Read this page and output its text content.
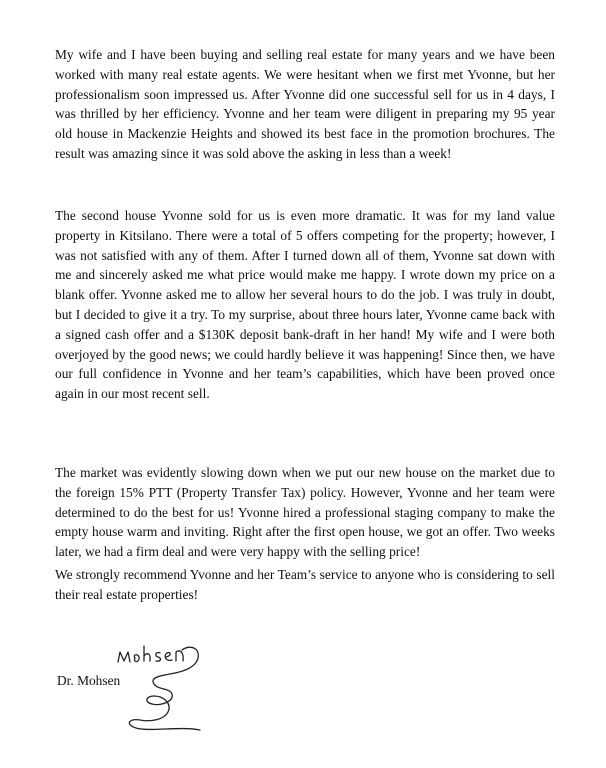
My wife and I have been buying and selling real estate for many years and we have been worked with many real estate agents. We were hesitant when we first met Yvonne, but her professionalism soon impressed us. After Yvonne did one successful sell for us in 4 days, I was thrilled by her efficiency. Yvonne and her team were diligent in preparing my 95 year old house in Mackenzie Heights and showed its best face in the promotion brochures. The result was amazing since it was sold above the asking in less than a week!

The second house Yvonne sold for us is even more dramatic. It was for my land value property in Kitsilano. There were a total of 5 offers competing for the property; however, I was not satisfied with any of them. After I turned down all of them, Yvonne sat down with me and sincerely asked me what price would make me happy. I wrote down my price on a blank offer. Yvonne asked me to allow her several hours to do the job. I was truly in doubt, but I decided to give it a try. To my surprise, about three hours later, Yvonne came back with a signed cash offer and a $130K deposit bank-draft in her hand! My wife and I were both overjoyed by the good news; we could hardly believe it was happening! Since then, we have our full confidence in Yvonne and her team’s capabilities, which have been proved once again in our most recent sell.

The market was evidently slowing down when we put our new house on the market due to the foreign 15% PTT (Property Transfer Tax) policy. However, Yvonne and her team were determined to do the best for us! Yvonne hired a professional staging company to make the empty house warm and inviting. Right after the first open house, we got an offer. Two weeks later, we had a firm deal and were very happy with the selling price!

We strongly recommend Yvonne and her Team’s service to anyone who is considering to sell their real estate properties!

Dr. Mohsen
